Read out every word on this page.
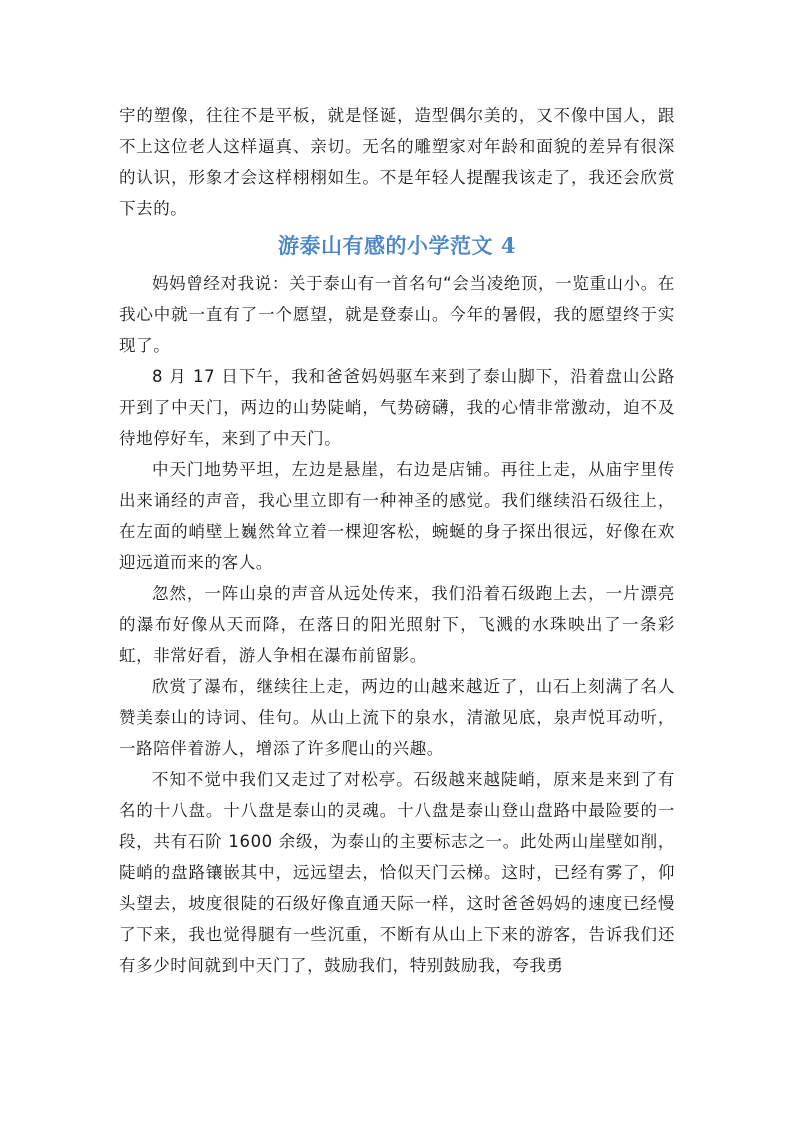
宇的塑像，往往不是平板，就是怪诞，造型偶尔美的，又不像中国人，跟不上这位老人这样逼真、亲切。无名的雕塑家对年龄和面貌的差异有很深的认识，形象才会这样栩栩如生。不是年轻人提醒我该走了，我还会欣赏下去的。

游泰山有感的小学范文 4

妈妈曾经对我说：关于泰山有一首名句“会当凌绝顶，一览重山小。在我心中就一直有了一个愿望，就是登泰山。今年的暑假，我的愿望终于实现了。

8 月 17 日下午，我和爸爸妈妈驱车来到了泰山脚下，沿着盘山公路开到了中天门，两边的山势陡峭，气势磅礴，我的心情非常激动，迫不及待地停好车，来到了中天门。

中天门地势平坦，左边是悬崖，右边是店铺。再往上走，从庙宇里传出来诵经的声音，我心里立即有一种神圣的感觉。我们继续沿石级往上，在左面的峭壁上巍然耸立着一棵迎客松，蜿蜒的身子探出很远，好像在欢迎远道而来的客人。

忽然，一阵山泉的声音从远处传来，我们沿着石级跑上去，一片漂亮的瀑布好像从天而降，在落日的阳光照射下，飞溅的水珠映出了一条彩虹，非常好看，游人争相在瀑布前留影。

欣赏了瀑布，继续往上走，两边的山越来越近了，山石上刻满了名人赞美泰山的诗词、佳句。从山上流下的泉水，清澈见底，泉声悦耳动听，一路陪伴着游人，增添了许多爬山的兴趣。

不知不觉中我们又走过了对松亭。石级越来越陡峭，原来是来到了有名的十八盘。十八盘是泰山的灵魂。十八盘是泰山登山盘路中最险要的一段，共有石阶 1600 余级，为泰山的主要标志之一。此处两山崖壁如削，陡峭的盘路镶嵌其中，远远望去，恰似天门云梯。这时，已经有雾了，仰头望去，坡度很陡的石级好像直通天际一样，这时爸爸妈妈的速度已经慢了下来，我也觉得腿有一些沉重，不断有从山上下来的游客，告诉我们还有多少时间就到中天门了，鼓励我们，特别鼓励我，夸我勇
